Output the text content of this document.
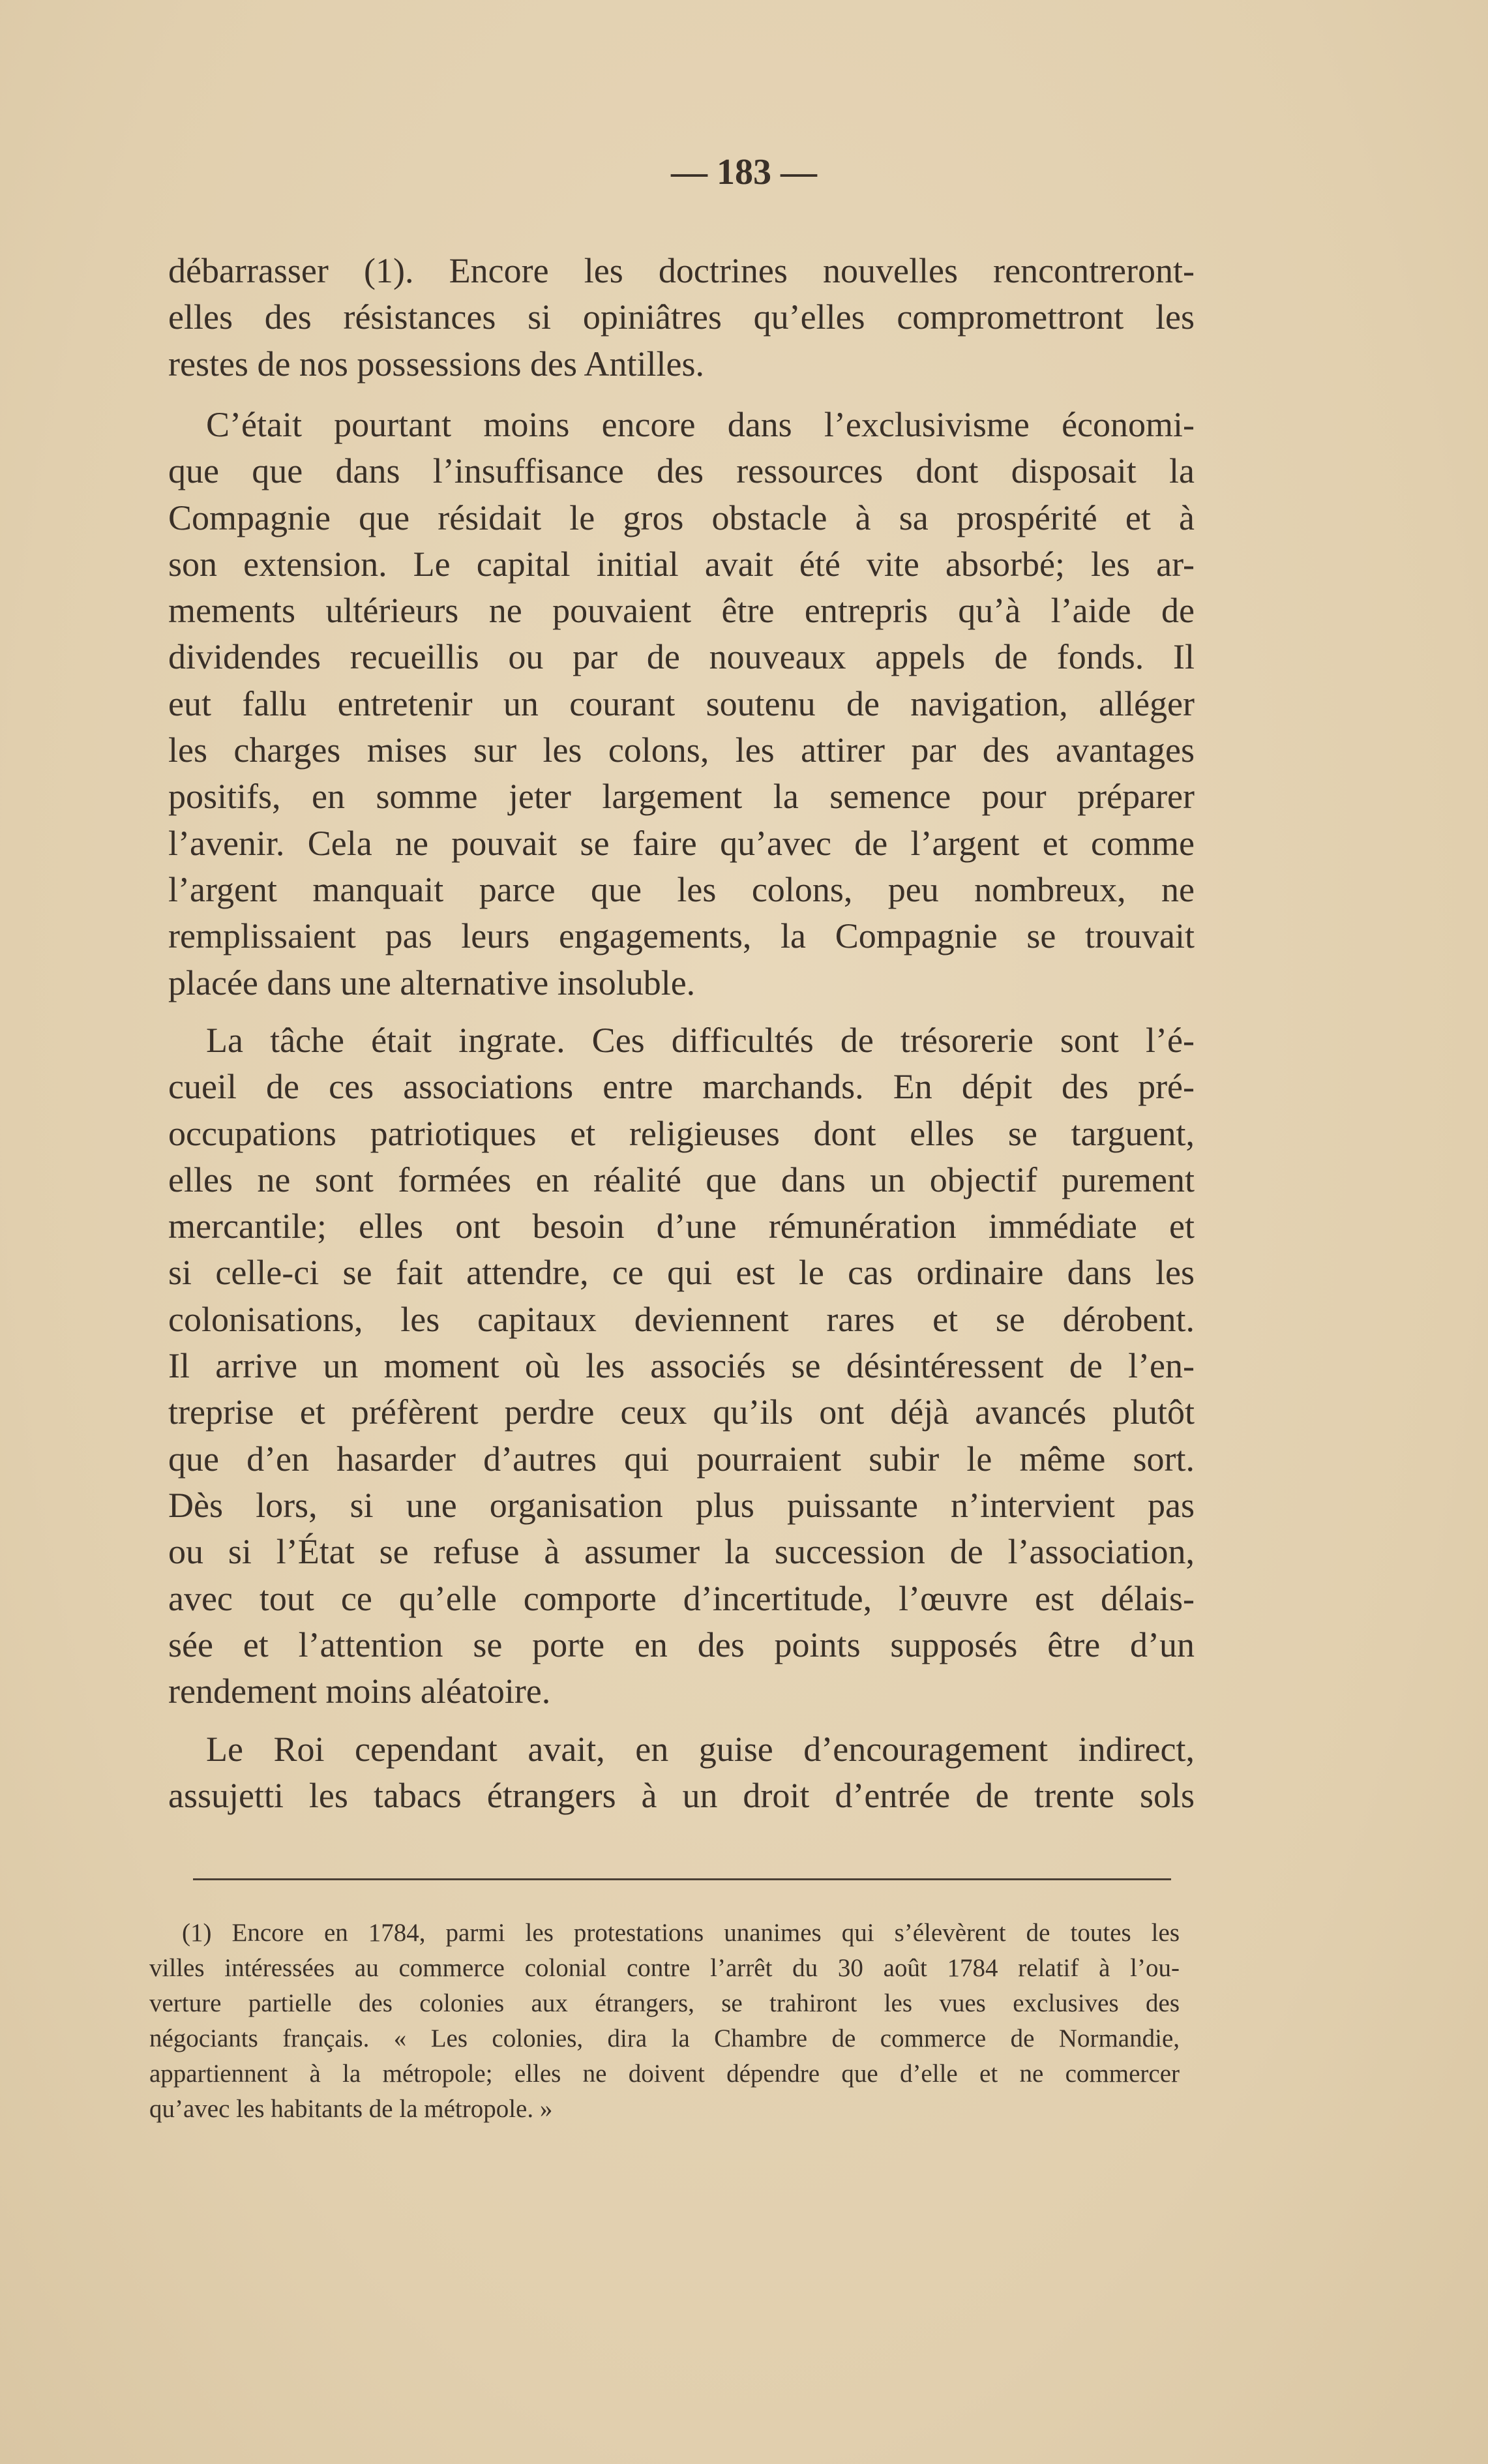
— 183 —
débarrasser (1). Encore les doctrines nouvelles rencontreront-
elles des résistances si opiniâtres qu’elles compromettront les
restes de nos possessions des Antilles.
C’était pourtant moins encore dans l’exclusivisme économi-
que que dans l’insuffisance des ressources dont disposait la
Compagnie que résidait le gros obstacle à sa prospérité et à
son extension. Le capital initial avait été vite absorbé; les ar-
mements ultérieurs ne pouvaient être entrepris qu’à l’aide de
dividendes recueillis ou par de nouveaux appels de fonds. Il
eut fallu entretenir un courant soutenu de navigation, alléger
les charges mises sur les colons, les attirer par des avantages
positifs, en somme jeter largement la semence pour préparer
l’avenir. Cela ne pouvait se faire qu’avec de l’argent et comme
l’argent manquait parce que les colons, peu nombreux, ne
remplissaient pas leurs engagements, la Compagnie se trouvait
placée dans une alternative insoluble.
La tâche était ingrate. Ces difficultés de trésorerie sont l’é-
cueil de ces associations entre marchands. En dépit des pré-
occupations patriotiques et religieuses dont elles se targuent,
elles ne sont formées en réalité que dans un objectif purement
mercantile; elles ont besoin d’une rémunération immédiate et
si celle-ci se fait attendre, ce qui est le cas ordinaire dans les
colonisations, les capitaux deviennent rares et se dérobent.
Il arrive un moment où les associés se désintéressent de l’en-
treprise et préfèrent perdre ceux qu’ils ont déjà avancés plutôt
que d’en hasarder d’autres qui pourraient subir le même sort.
Dès lors, si une organisation plus puissante n’intervient pas
ou si l’État se refuse à assumer la succession de l’association,
avec tout ce qu’elle comporte d’incertitude, l’œuvre est délais-
sée et l’attention se porte en des points supposés être d’un
rendement moins aléatoire.
Le Roi cependant avait, en guise d’encouragement indirect,
assujetti les tabacs étrangers à un droit d’entrée de trente sols
(1) Encore en 1784, parmi les protestations unanimes qui s’élevèrent de toutes les
villes intéressées au commerce colonial contre l’arrêt du 30 août 1784 relatif à l’ou-
verture partielle des colonies aux étrangers, se trahiront les vues exclusives des
négociants français. « Les colonies, dira la Chambre de commerce de Normandie,
appartiennent à la métropole; elles ne doivent dépendre que d’elle et ne commercer
qu’avec les habitants de la métropole. »
